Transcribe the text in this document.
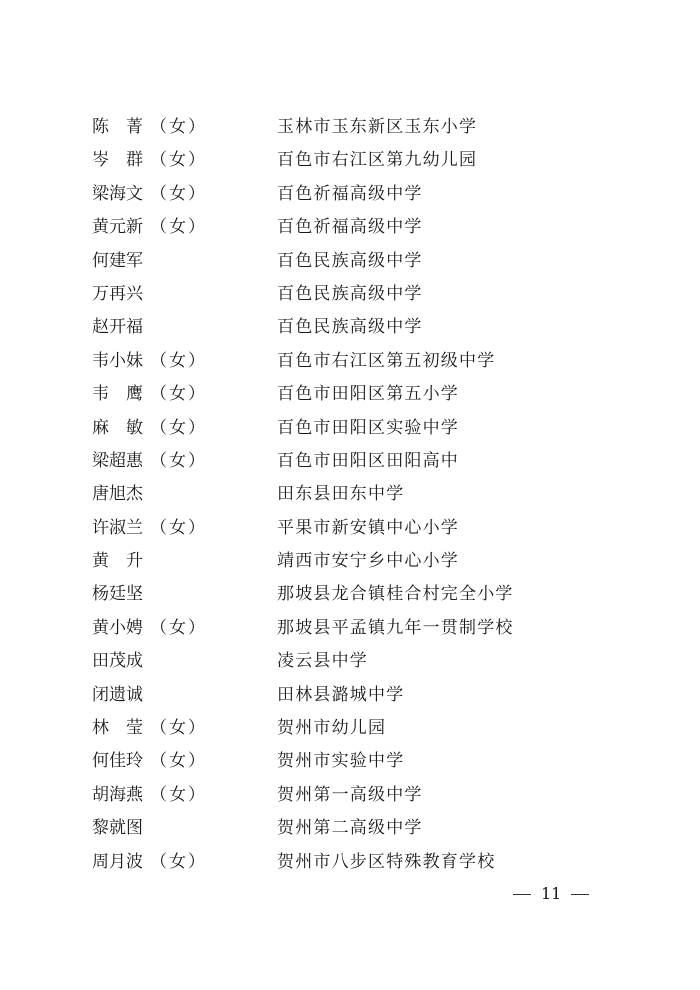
陈　菁 （女）	玉林市玉东新区玉东小学
岑　群 （女）	百色市右江区第九幼儿园
梁海文 （女）	百色祈福高级中学
黄元新 （女）	百色祈福高级中学
何建军	百色民族高级中学
万再兴	百色民族高级中学
赵开福	百色民族高级中学
韦小妹 （女）	百色市右江区第五初级中学
韦　鹰 （女）	百色市田阳区第五小学
麻　敏 （女）	百色市田阳区实验中学
梁超惠 （女）	百色市田阳区田阳高中
唐旭杰	田东县田东中学
许淑兰 （女）	平果市新安镇中心小学
黄　升	靖西市安宁乡中心小学
杨廷坚	那坡县龙合镇桂合村完全小学
黄小娉 （女）	那坡县平孟镇九年一贯制学校
田茂成	凌云县中学
闭遗诚	田林县潞城中学
林　莹 （女）	贺州市幼儿园
何佳玲 （女）	贺州市实验中学
胡海燕 （女）	贺州第一高级中学
黎就图	贺州第二高级中学
周月波 （女）	贺州市八步区特殊教育学校
11
